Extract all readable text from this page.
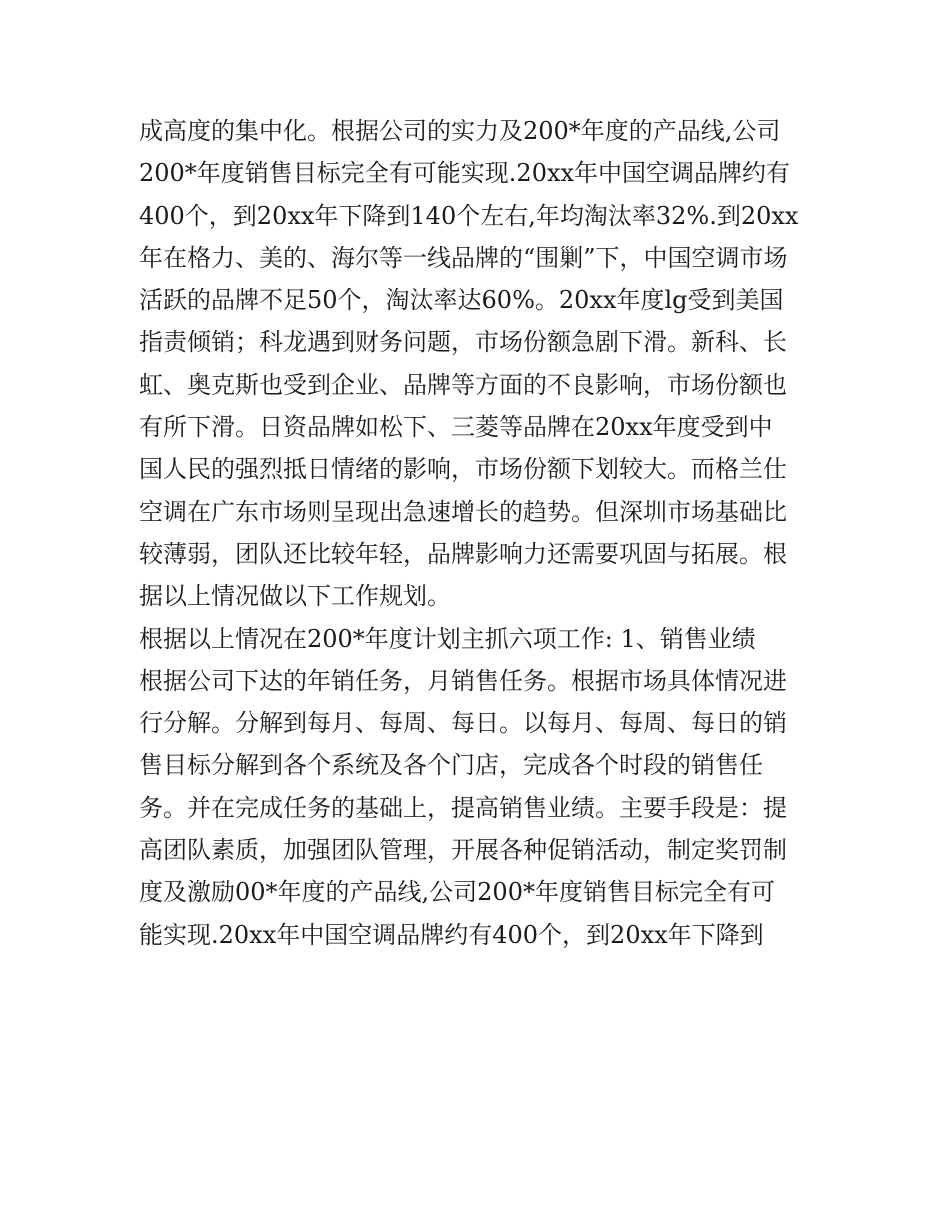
成高度的集中化。根据公司的实力及200*年度的产品线,公司
200*年度销售目标完全有可能实现.20xx年中国空调品牌约有
400个，到20xx年下降到140个左右,年均淘汰率32%.到20xx
年在格力、美的、海尔等一线品牌的“围剿”下，中国空调市场
活跃的品牌不足50个，淘汰率达60%。20xx年度lg受到美国
指责倾销；科龙遇到财务问题，市场份额急剧下滑。新科、长
虹、奥克斯也受到企业、品牌等方面的不良影响，市场份额也
有所下滑。日资品牌如松下、三菱等品牌在20xx年度受到中
国人民的强烈抵日情绪的影响，市场份额下划较大。而格兰仕
空调在广东市场则呈现出急速增长的趋势。但深圳市场基础比
较薄弱，团队还比较年轻，品牌影响力还需要巩固与拓展。根
据以上情况做以下工作规划。
根据以上情况在200*年度计划主抓六项工作: 1、销售业绩
根据公司下达的年销任务，月销售任务。根据市场具体情况进
行分解。分解到每月、每周、每日。以每月、每周、每日的销
售目标分解到各个系统及各个门店，完成各个时段的销售任
务。并在完成任务的基础上，提高销售业绩。主要手段是：提
高团队素质，加强团队管理，开展各种促销活动，制定奖罚制
度及激励00*年度的产品线,公司200*年度销售目标完全有可
能实现.20xx年中国空调品牌约有400个，到20xx年下降到
